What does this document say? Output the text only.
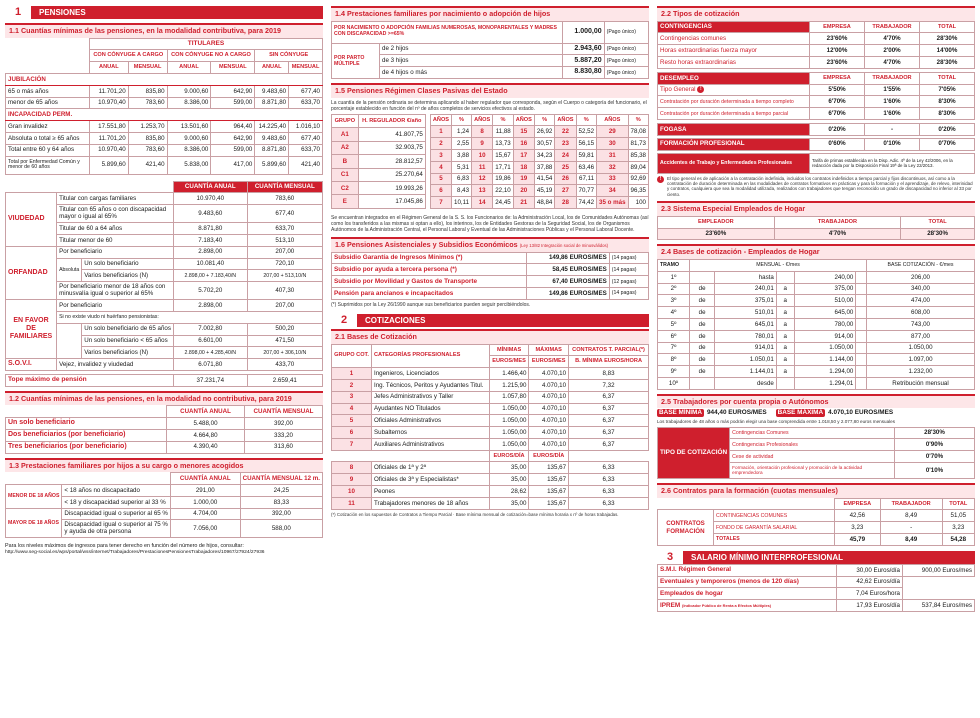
1 PENSIONES
1.1 Cuantías mínimas de las pensiones, en la modalidad contributiva, para 2019
	TITULARES					
	CON CÓNYUGE A CARGO		CON CÓNYUGE NO A CARGO		SIN CÓNYUGE	
	ANUAL	MENSUAL	ANUAL	MENSUAL	ANUAL	MENSUAL
JUBILACIÓN						
65 o más años	11.701,20	835,80	9.000,60	642,90	9.483,60	677,40
menor de 65 años	10.970,40	783,60	8.386,00	599,00	8.871,80	633,70
INCAPACIDAD PERM.						
Gran invalidez	17.551,80	1.253,70	13.501,60	964,40	14.225,40	1.016,10
Absoluta o total ≥ 65 años	11.701,20	835,80	9.000,60	642,90	9.483,60	677,40
Total entre 60 y 64 años	10.970,40	783,60	8.386,00	599,00	8.871,80	633,70
Total por Enfermedad Común y menor de 60 años	5.899,60	421,40	5.838,00	417,00	5.899,60	421,40
			CUANTÍA ANUAL	CUANTÍA MENSUAL
VIUDEDAD	Titular con cargas familiares		10.970,40	783,60
	Titular con 65 años o con discapacidad mayor o igual al 65%		9.483,60	677,40
	Titular de 60 a 64 años		8.871,80	633,70
	Titular menor de 60		7.183,40	513,10
ORFANDAD	Por beneficiario		2.898,00	207,00
	Absoluta	Un solo beneficiario	10.081,40	720,10
		Varios beneficiarios (N)	2.898,00 + 7.183,40/N	207,00 + 513,10/N
	Por beneficiario menor de 18 años con minusvalía igual o superior al 65%		5.702,20	407,30
EN FAVOR DE FAMILIARES	Por beneficiario		2.898,00	207,00
	Si no existe viudo ni huérfano pensionistas:			
		Un solo beneficiario de 65 años	7.002,80	500,20
		Un solo beneficiario < 65 años	6.601,00	471,50
		Varios beneficiarios (N)	2.898,00 + 4.285,40/N	207,00 + 306,10/N
S.O.V.I.	Vejez, invalidez y viudedad		6.071,80	433,70

Tope máximo de pensión			37.231,74	2.659,41
1.2 Cuantías mínimas de las pensiones, en la modalidad no contributiva, para 2019
	CUANTÍA ANUAL	CUANTÍA MENSUAL
Un solo beneficiario	5.488,00	392,00
Dos beneficiarios (por beneficiario)	4.664,80	333,20
Tres beneficiarios (por beneficiario)	4.390,40	313,60
1.3 Prestaciones familiares por hijos a su cargo o menores acogidos
		CUANTÍA ANUAL	CUANTÍA MENSUAL 12 m.
MENOR DE 18 AÑOS	< 18 años no discapacitado	291,00	24,25
	< 18 y discapacidad superior al 33 %	1.000,00	83,33
MAYOR DE 18 AÑOS	Discapacidad igual o superior al 65 %	4.704,00	392,00
	Discapacidad igual o superior al 75 % y ayuda de otra persona	7.056,00	588,00
Para los niveles máximos de ingresos para tener derecho en función del número de hijos, consultar:
http://www.seg-social.es/wps/portal/wss/internet/Trabajadores/PrestacionesPensionesTrabajadores/10967/27924/27936
1.4 Prestaciones familiares por nacimiento o adopción de hijos
POR NACIMIENTO O ADOPCIÓN FAMILIAS NUMEROSAS, MONOPARENTALES Y MADRES CON DISCAPACIDAD >=65%		1.000,00	(Pago único)
POR PARTO MÚLTIPLE	de 2 hijos	2.943,60	(Pago único)
	de 3 hijos	5.887,20	(Pago único)
	de 4 hijos o más	8.830,80	(Pago único)
1.5 Pensiones Régimen Clases Pasivas del Estado
La cuantía de la pensión ordinaria se determina aplicando al haber regulador que corresponda, según el Cuerpo o categoría del funcionario, el porcentaje establecido en función del nº de años completos de servicios efectivos al estado.
GRUPO	H. REGULADOR €/año
A1	41.807,75
A2	32.903,75
B	28.812,57
C1	25.270,64
C2	19.993,26
E	17.045,86
AÑOS	%	AÑOS	%	AÑOS	%	AÑOS	%	AÑOS	%
1	1,24	8	11,88	15	26,92	22	52,52	29	78,08
2	2,55	9	13,73	16	30,57	23	56,15	30	81,73
3	3,88	10	15,67	17	34,23	24	59,81	31	85,38
4	5,31	11	17,71	18	37,88	25	63,46	32	89,04
5	6,83	12	19,86	19	41,54	26	67,11	33	92,69
6	8,43	13	22,10	20	45,19	27	70,77	34	96,35
7	10,11	14	24,45	21	48,84	28	74,42	35 o más	100
Se encuentran integrados en el Régimen General de la S. S. los Funcionarios de: la Administración Local, los de Comunidades Autónomas (así como los transferidos a las mismas si optan a ello), los interinos, los de Entidades Gestoras de la Seguridad Social, los de Organismos Autónomos de la Administración Central, el Personal Laboral y Eventual de las Administraciones Públicas y el Personal Laboral Docente.
1.6 Pensiones Asistenciales y Subsidios Económicos (Ley 13/82 Integración social de minusválidos)
Subsidio Garantía de Ingresos Mínimos (*)	149,86 EUROS/MES	(14 pagas)
Subsidio por ayuda a tercera persona (*)	58,45 EUROS/MES	(14 pagas)
Subsidio por Movilidad y Gastos de Transporte	67,40 EUROS/MES	(12 pagas)
Pensión para ancianos e incapacitados	149,86 EUROS/MES	(14 pagas)
(*) Suprimidos por la Ley 26/1990 aunque sus beneficiarios pueden seguir percibiéndolos.
2 COTIZACIONES
2.1 Bases de Cotización
GRUPO COT.	CATEGORÍAS PROFESIONALES	MÍNIMAS	MÁXIMAS	CONTRATOS T. PARCIAL(*)
		EUROS/MES	EUROS/MES	B. MÍNIMA EUROS/HORA
1	Ingenieros, Licenciados	1.466,40	4.070,10	8,83
2	Ing. Técnicos, Peritos y Ayudantes Titul.	1.215,90	4.070,10	7,32
3	Jefes Administrativos y Taller	1.057,80	4.070,10	6,37
4	Ayudantes NO Titulados	1.050,00	4.070,10	6,37
5	Oficiales Administrativos	1.050,00	4.070,10	6,37
6	Subalternos	1.050,00	4.070,10	6,37
7	Auxiliares Administrativos	1.050,00	4.070,10	6,37
		EUROS/DÍA	EUROS/DÍA	
8	Oficiales de 1ª y 2ª	35,00	135,67	6,33
9	Oficiales de 3ª y Especialistas*	35,00	135,67	6,33
10	Peones	28,62	135,67	6,33
11	Trabajadores menores de 18 años	35,00	135,67	6,33
(*) Cotización en los supuestos de Contratos a Tiempo Parcial · Base mínima mensual de cotización=base mínima horaria x nº de horas trabajadas.
2.2 Tipos de cotización
CONTINGENCIAS	EMPRESA	TRABAJADOR	TOTAL
Contingencias comunes	23'60%	4'70%	28'30%
Horas extraordinarias fuerza mayor	12'00%	2'00%	14'00%
Resto horas extraordinarias	23'60%	4'70%	28'30%

DESEMPLEO	EMPRESA	TRABAJADOR	TOTAL
Tipo General !	5'50%	1'55%	7'05%
Contratación por duración determinada a tiempo completo	6'70%	1'60%	8'30%
Contratación por duración determinada a tiempo parcial	6'70%	1'60%	8'30%

FOGASA	0'20%	-	0'20%

FORMACIÓN PROFESIONAL	0'60%	0'10%	0'70%

Accidentes de Trabajo y Enfermedades Profesionales	Tarifa de primas establecida en la Disp. Adic. 4ª de la Ley 42/2006, en la redacción dada por la Disposición Final 19ª de la Ley 22/2013.		
!	El tipo general es de aplicación a la contratación indefinida, incluidos los contratos indefinidos a tiempo parcial y fijos discontinuos, así como a la contratación de duración determinada en las modalidades de contratos formativos en prácticas y para la formación y el aprendizaje, de relevo, interinidad y contratos, cualquiera que sea la modalidad utilizada, realizados con trabajadores que tengan reconocido un grado de discapacidad no inferior al 33 por ciento.
2.3 Sistema Especial Empleados de Hogar
EMPLEADOR	TRABAJADOR	TOTAL
23'60%	4'70%	28'30%
2.4 Bases de cotización - Empleados de Hogar
TRAMO	MENSUAL - €/mes					BASE COTIZACIÓN - €/mes
1º		hasta		240,00		206,00
2º	de	240,01	a	375,00		340,00
3º	de	375,01	a	510,00		474,00
4º	de	510,01	a	645,00		608,00
5º	de	645,01	a	780,00		743,00
6º	de	780,01	a	914,00		877,00
7º	de	914,01	a	1.050,00		1.050,00
8º	de	1.050,01	a	1.144,00		1.097,00
9º	de	1.144,01	a	1.294,00		1.232,00
10º		desde		1.294,01		Retribución mensual
2.5 Trabajadores por cuenta propia o Autónomos
BASE MÍNIMA 944,40 EUROS/MES	BASE MÁXIMA 4.070,10 EUROS/MES
Los trabajadores de 48 años o más podrán elegir una base comprendida entre 1.018,50 y 2.077,80 euros mensuales
TIPO DE COTIZACIÓN	Contingencias Comunes	28'30%
	Contingencias Profesionales	0'90%
	Cese de actividad	0'70%
	Formación, orientación profesional y promoción de la actividad emprendedora	0'10%
2.6 Contratos para la formación (cuotas mensuales)
		EMPRESA	TRABAJADOR	TOTAL
CONTRATOS FORMACIÓN	CONTINGENCIAS COMUNES	42,56	8,49	51,05
	FONDO DE GARANTÍA SALARIAL	3,23	-	3,23
	TOTALES	45,79	8,49	54,28
3 SALARIO MÍNIMO INTERPROFESIONAL
S.M.I. Régimen General	30,00 Euros/día	900,00 Euros/mes
Eventuales y temporeros (menos de 120 días)	42,62 Euros/día	
Empleados de hogar	7,04 Euros/hora	
IPREM (Indicador Público de Renta a Efectos Múltiples)	17,93 Euros/día	537,84 Euros/mes
